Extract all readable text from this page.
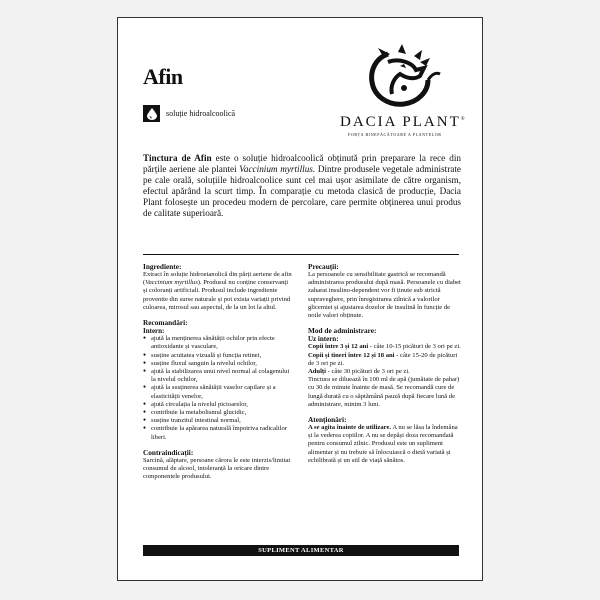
Afin
soluție hidroalcoolică
DACIA PLANT®
FORȚA BINEFĂCĂTOARE A PLANTELOR
Tinctura de Afin este o soluție hidroalcoolică obținută prin preparare la rece din părțile aeriene ale plantei Vaccinium myrtillus. Dintre produsele vegetale administrate pe cale orală, soluțiile hidroalcoolice sunt cel mai ușor asimilate de către organism, efectul apărând la scurt timp. În comparație cu metoda clasică de producție, Dacia Plant folosește un procedeu modern de percolare, care permite obținerea unui produs de calitate superioară.
Ingrediente:

Extract în soluție hidroetanolică din părți aeriene de afin (Vaccinium myrtillus). Produsul nu conține conservanți și coloranți artificiali. Produsul include ingrediente provenite din surse naturale și pot exista variații privind culoarea, mirosul sau aspectul, de la un lot la altul.

Recomandări:
Intern:
● ajută la menținerea sănătății ochilor prin efecte antioxidante și vasculare,
● susține acuitatea vizuală și funcția retinei,
● susține fluxul sanguin la nivelul ochilor,
● ajută la stabilizarea unui nivel normal al colagenului la nivelul ochilor,
● ajută la susținerea sănătății vaselor capilare și a elasticității venelor,
● ajută circulația la nivelul picioarelor,
● contribuie la metabolismul glucidic,
● susține tranzitul intestinal normal,
● contribuie la apărarea naturală împotriva radicalilor liberi.
Contraindicații:

Sarcină, alăptare, persoane cărora le este interzis/limitat consumul de alcool, intoleranță la oricare dintre componentele produsului.

Precauții:

La persoanele cu sensibilitate gastrică se recomandă administrarea produsului după masă. Persoanele cu diabet zaharat insulino-dependent vor fi ținute sub strictă supraveghere, prin înregistrarea zilnică a valorilor glicemiei și ajustarea dozelor de insulină în funcție de noile valori obținute.

Mod de administrare:
Uz intern:

Copii între 3 și 12 ani - câte 10-15 picături de 3 ori pe zi.

Copii și tineri între 12 și 18 ani - câte 15-20 de picături de 3 ori pe zi.

Adulți - câte 30 picături de 3 ori pe zi.

Tinctura se diluează în 100 ml de apă (jumătate de pahar) cu 30 de minute înainte de masă. Se recomandă cure de lungă durată cu o săptămână pauză după fiecare lună de administrare, minim 3 luni.

Atenționări:

A se agita înainte de utilizare. A nu se lăsa la îndemâna și la vederea copiilor. A nu se depăși doza recomandată pentru consumul zilnic. Produsul este un supliment alimentar și nu trebuie să înlocuiască o dietă variată și echilibrată și un stil de viață sănătos.

SUPLIMENT ALIMENTAR
